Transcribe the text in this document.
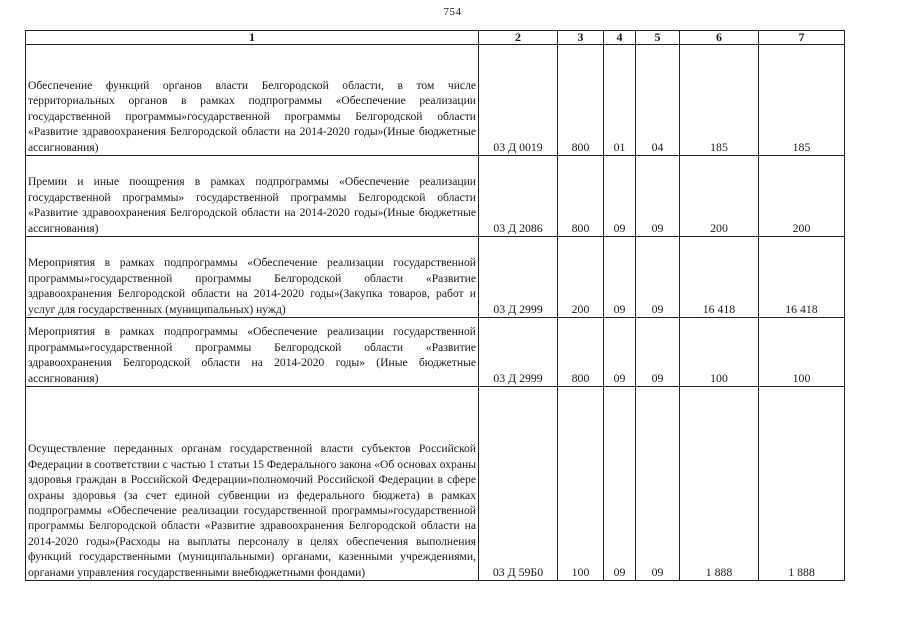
754
1	2	3	4	5	6	7
Обеспечение функций органов власти Белгородской области, в том числе территориальных органов в рамках подпрограммы «Обеспечение реализации государственной программы»государственной программы Белгородской области «Развитие здравоохранения Белгородской области на 2014-2020 годы»(Иные бюджетные ассигнования)	03 Д 0019	800	01	04	185	185
Премии и иные поощрения в рамках подпрограммы «Обеспечение реализации государственной программы» государственной программы Белгородской области «Развитие здравоохранения Белгородской области на 2014-2020 годы»(Иные бюджетные ассигнования)	03 Д 2086	800	09	09	200	200
Мероприятия в рамках подпрограммы «Обеспечение реализации государственной программы»государственной программы Белгородской области «Развитие здравоохранения Белгородской области на 2014-2020 годы»(Закупка товаров, работ и услуг для государственных (муниципальных) нужд)	03 Д 2999	200	09	09	16 418	16 418
Мероприятия в рамках подпрограммы «Обеспечение реализации государственной программы»государственной программы Белгородской области «Развитие здравоохранения Белгородской области на 2014-2020 годы» (Иные бюджетные ассигнования)	03 Д 2999	800	09	09	100	100
Осуществление переданных органам государственной власти субъектов Российской Федерации в соответствии с частью 1 статьи 15 Федерального закона «Об основах охраны здоровья граждан в Российской Федерации»полномочий Российской Федерации в сфере охраны здоровья (за счет единой субвенции из федерального бюджета) в рамках подпрограммы «Обеспечение реализации государственной программы»государственной программы Белгородской области «Развитие здравоохранения Белгородской области на 2014-2020 годы»(Расходы на выплаты персоналу в целях обеспечения выполнения функций государственными (муниципальными) органами, казенными учреждениями, органами управления государственными внебюджетными фондами)	03 Д 59Б0	100	09	09	1 888	1 888
